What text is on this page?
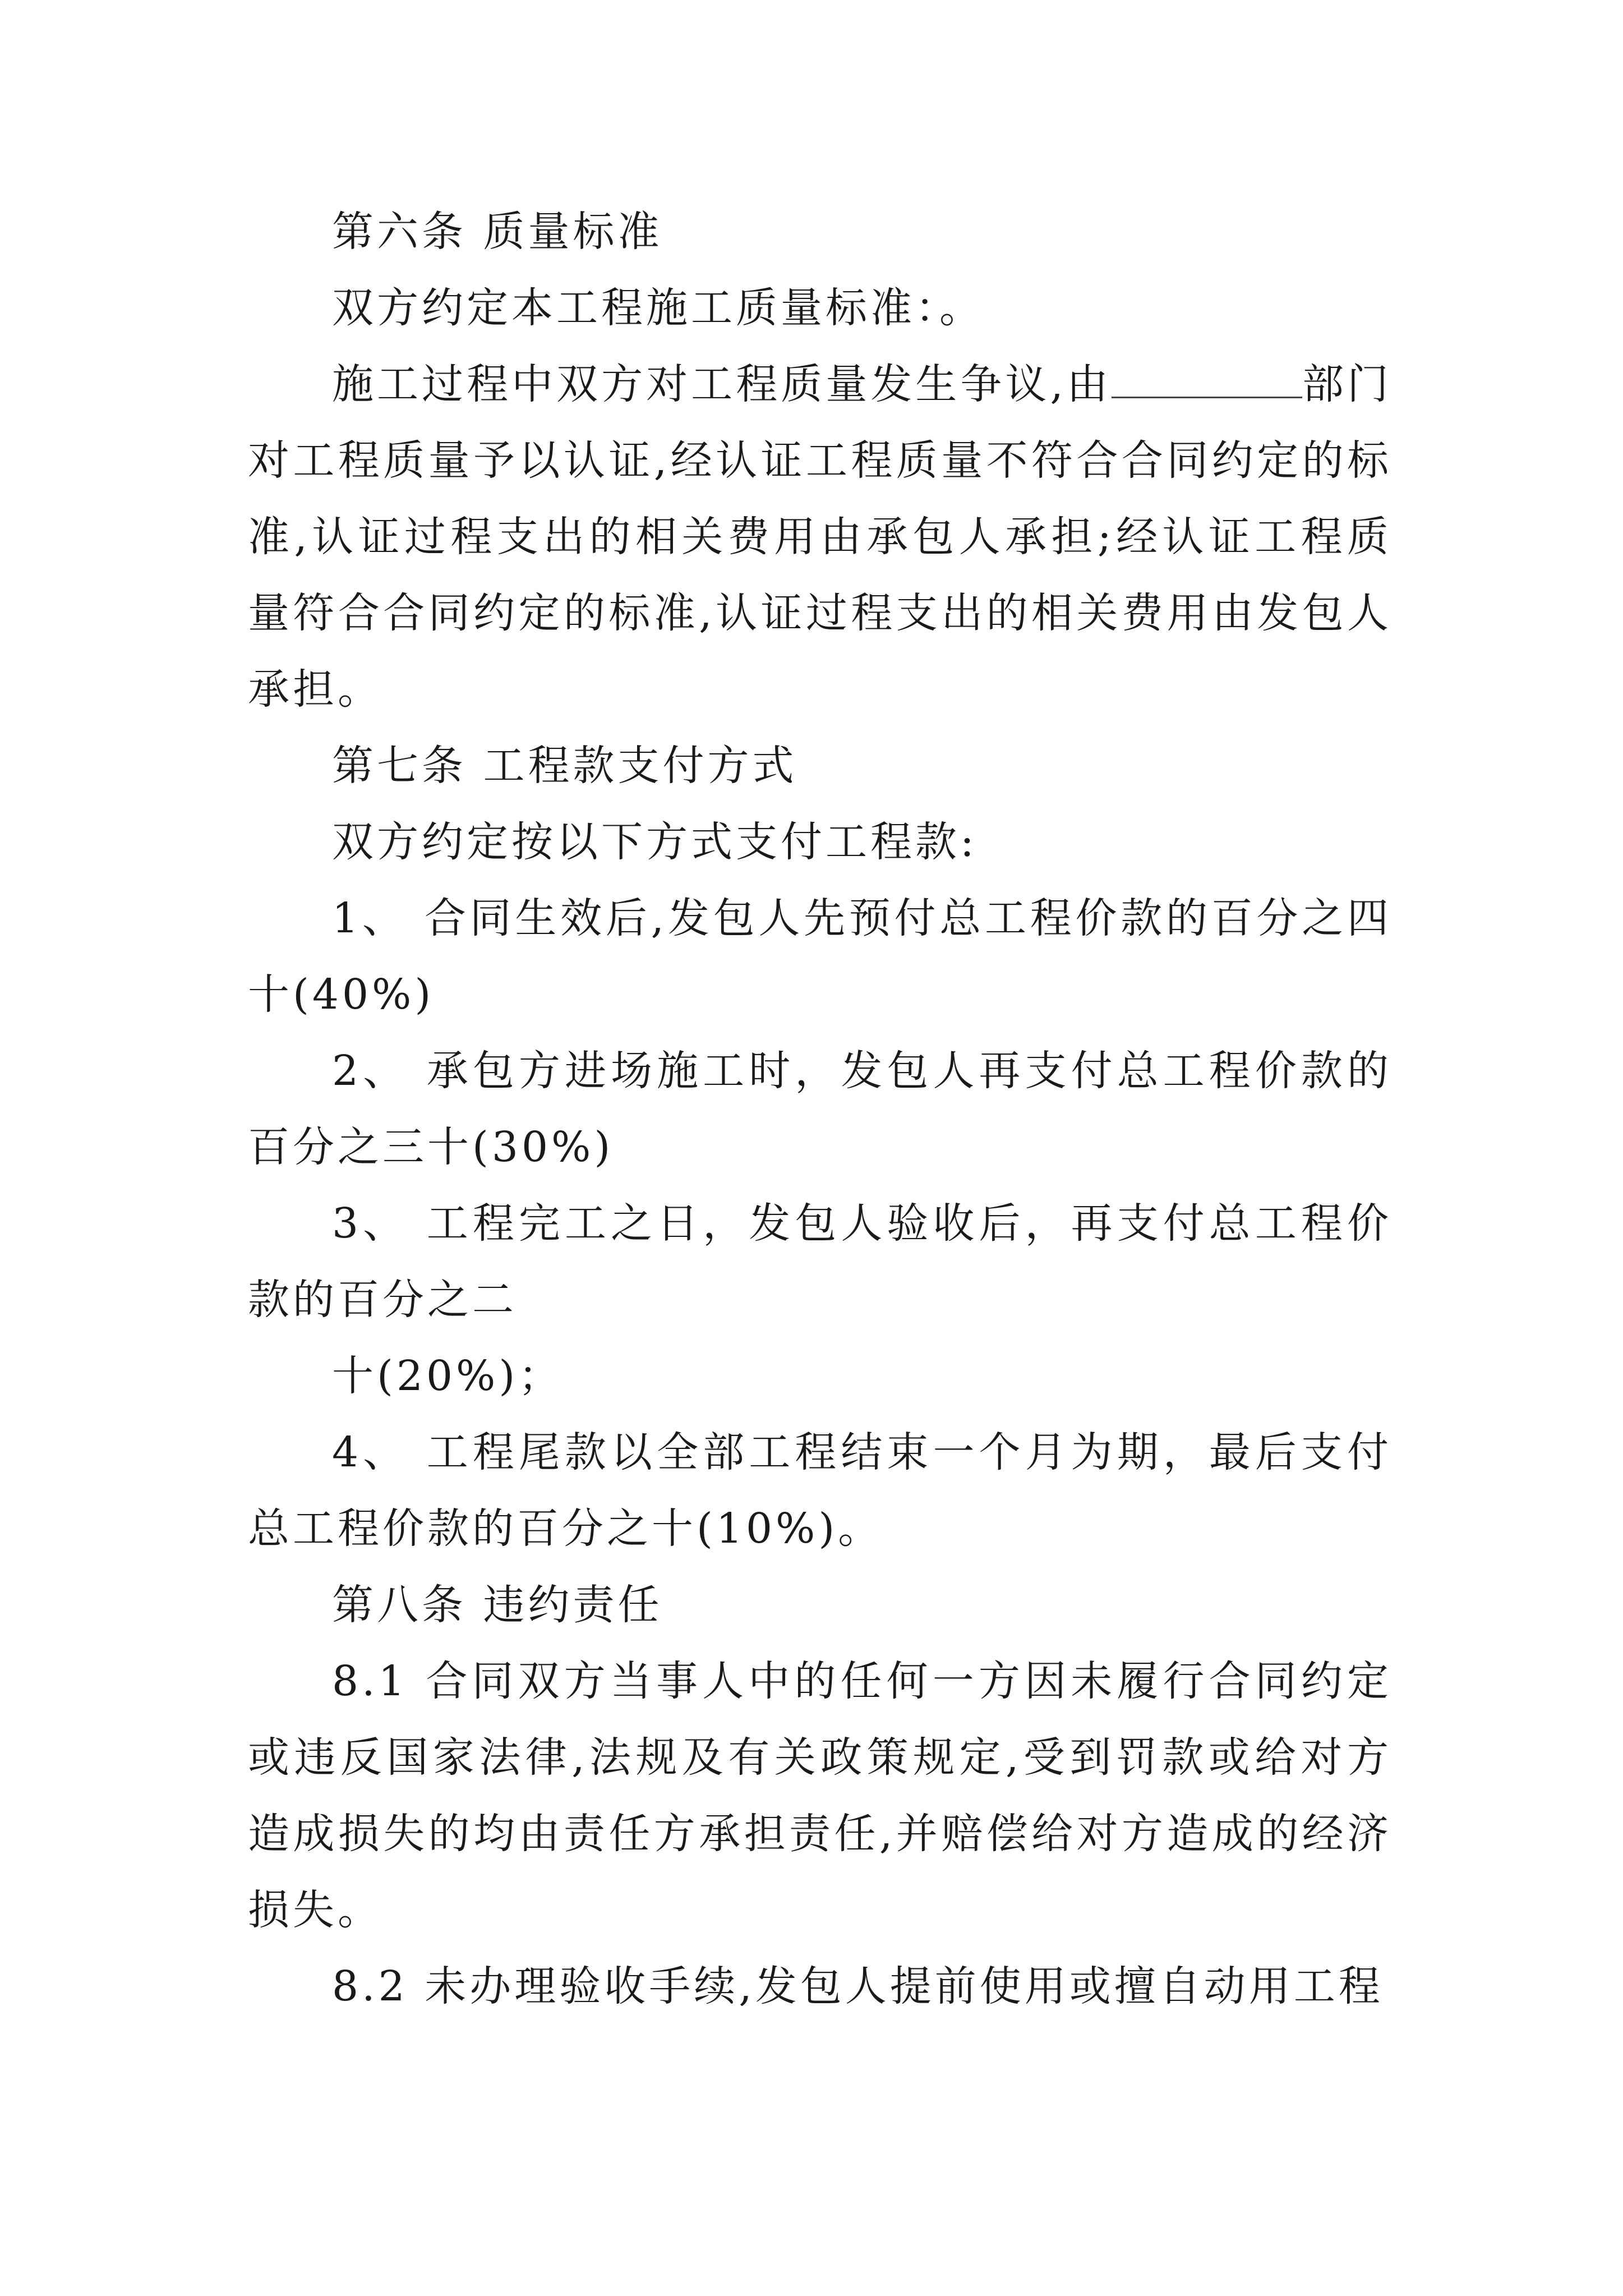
第六条 质量标准

双方约定本工程施工质量标准：。

施工过程中双方对工程质量发生争议,由	部门对工程质量予以认证,经认证工程质量不符合合同约定的标准,认证过程支出的相关费用由承包人承担;经认证工程质量符合合同约定的标准,认证过程支出的相关费用由发包人承担。

第七条 工程款支付方式

双方约定按以下方式支付工程款:

1、 合同生效后,发包人先预付总工程价款的百分之四十(40%)

2、 承包方进场施工时，发包人再支付总工程价款的百分之三十(30%)

3、 工程完工之日，发包人验收后，再支付总工程价款的百分之二

十(20%)；

4、 工程尾款以全部工程结束一个月为期，最后支付总工程价款的百分之十(10%)。

第八条 违约责任

8.1 合同双方当事人中的任何一方因未履行合同约定或违反国家法律,法规及有关政策规定,受到罚款或给对方造成损失的均由责任方承担责任,并赔偿给对方造成的经济损失。

8.2 未办理验收手续,发包人提前使用或擅自动用工程
